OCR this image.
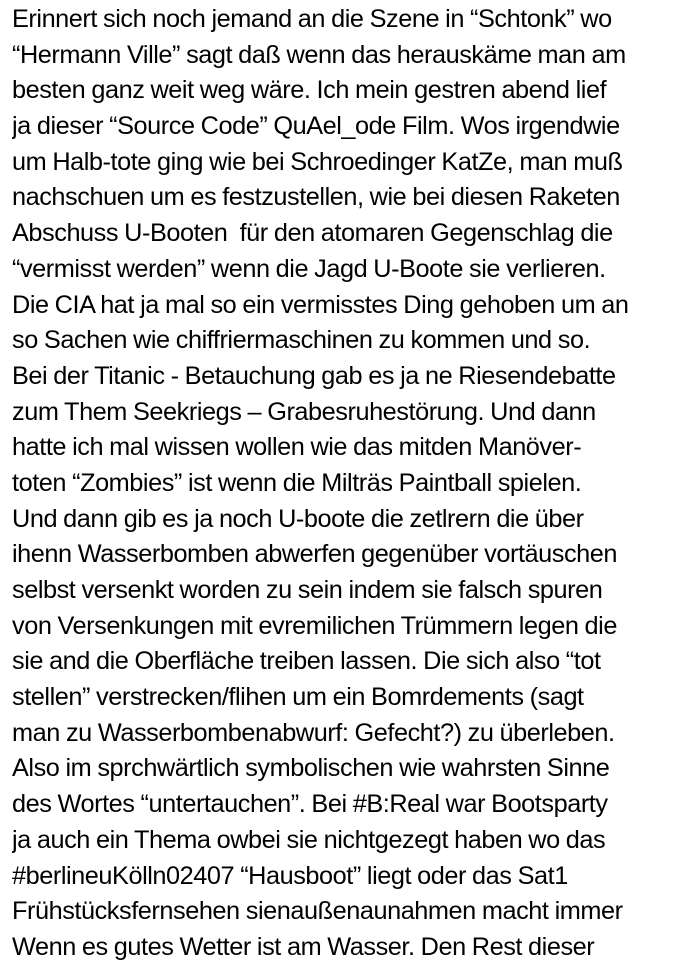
Erinnert sich noch jemand an die Szene in “Schtonk” wo
“Hermann Ville” sagt daß wenn das herauskäme man am
besten ganz weit weg wäre. Ich mein gestren abend lief
ja dieser “Source Code” QuAel_ode Film. Wos irgendwie
um Halb-tote ging wie bei Schroedinger KatZe, man muß
nachschuen um es festzustellen, wie bei diesen Raketen
Abschuss U-Booten  für den atomaren Gegenschlag die
“vermisst werden” wenn die Jagd U-Boote sie verlieren.
Die CIA hat ja mal so ein vermisstes Ding gehoben um an
so Sachen wie chiffriermaschinen zu kommen und so.
Bei der Titanic - Betauchung gab es ja ne Riesendebatte
zum Them Seekriegs – Grabesruhestörung. Und dann
hatte ich mal wissen wollen wie das mitden Manöver-
toten “Zombies” ist wenn die Milträs Paintball spielen.
Und dann gib es ja noch U-boote die zetlrern die über
ihenn Wasserbomben abwerfen gegenüber vortäuschen
selbst versenkt worden zu sein indem sie falsch spuren
von Versenkungen mit evremilichen Trümmern legen die
sie and die Oberfläche treiben lassen. Die sich also “tot
stellen” verstrecken/flihen um ein Bomrdements (sagt
man zu Wasserbombenabwurf: Gefecht?) zu überleben.
Also im sprchwärtlich symbolischen wie wahrsten Sinne
des Wortes “untertauchen”. Bei #B:Real war Bootsparty
ja auch ein Thema owbei sie nichtgezegt haben wo das
#berlineuKölln02407 “Hausboot” liegt oder das Sat1
Frühstücksfernsehen sienaußenaunahmen macht immer
Wenn es gutes Wetter ist am Wasser. Den Rest dieser
